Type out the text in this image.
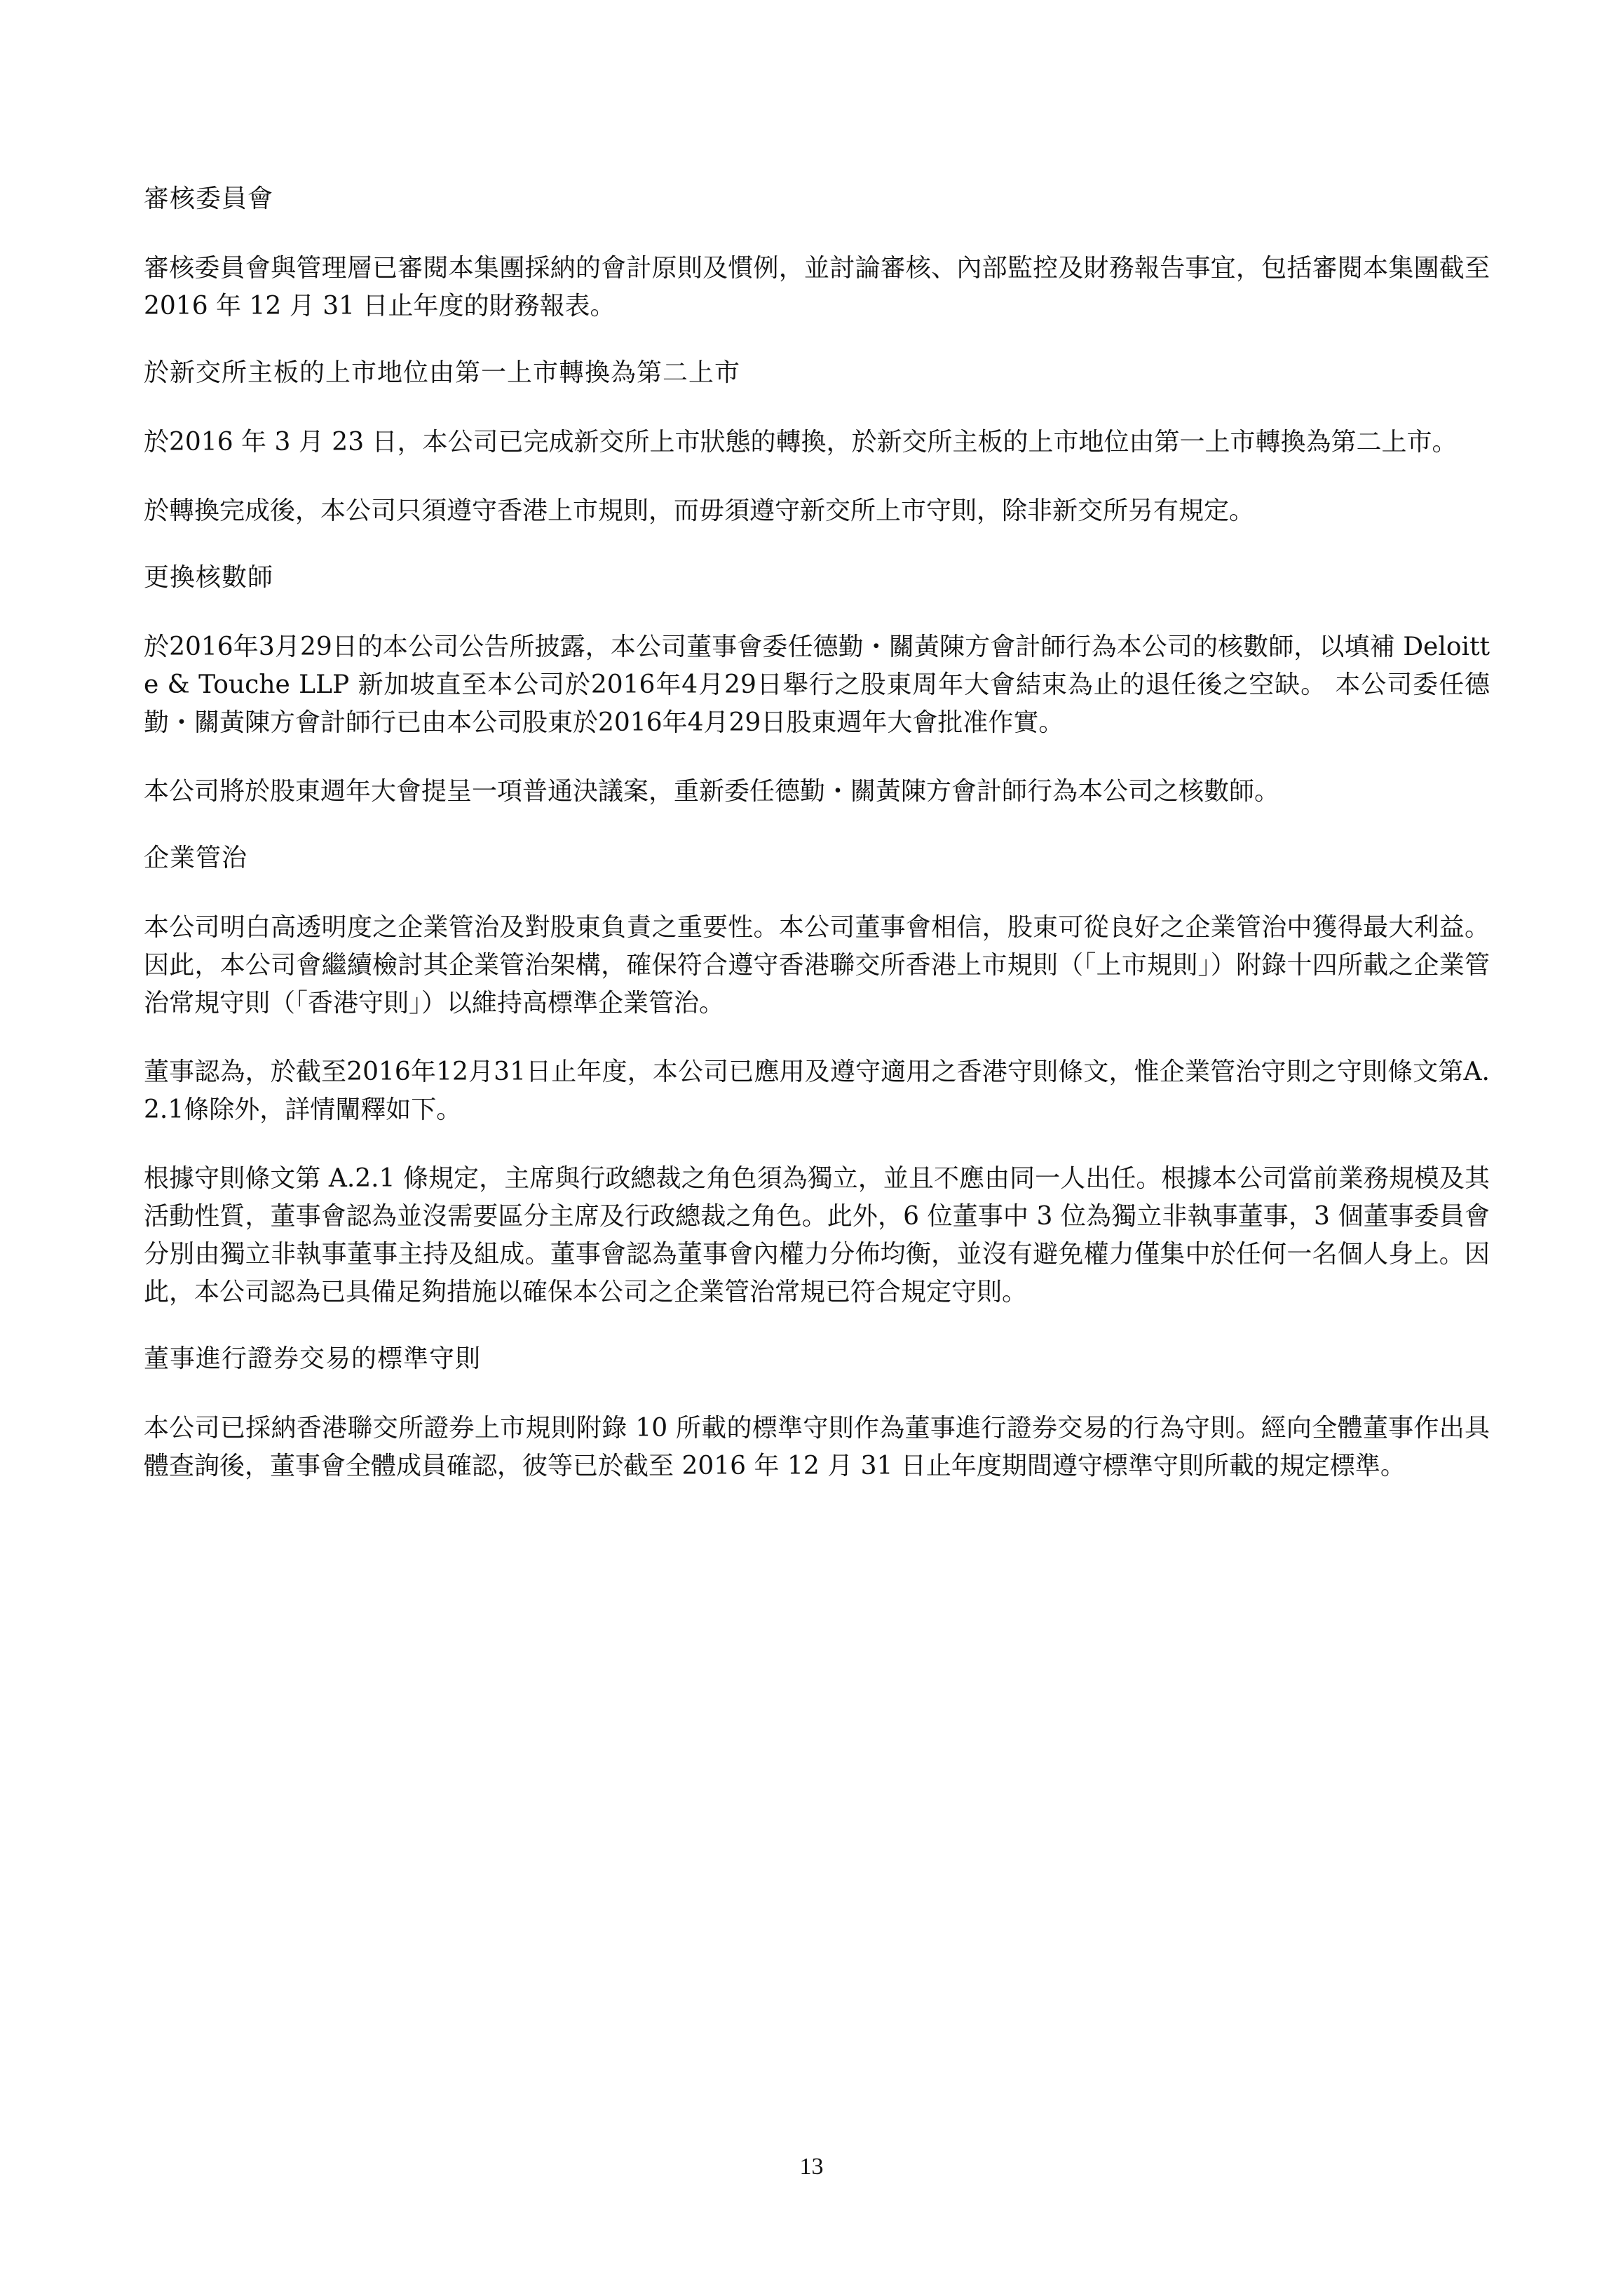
審核委員會

審核委員會與管理層已審閱本集團採納的會計原則及慣例，並討論審核、內部監控及財務報告事宜，包括審閱本集團截至 2016 年 12 月 31 日止年度的財務報表。

於新交所主板的上市地位由第一上市轉換為第二上市

於2016 年 3 月 23 日，本公司已完成新交所上市狀態的轉換，於新交所主板的上市地位由第一上市轉換為第二上市。

於轉換完成後，本公司只須遵守香港上市規則，而毋須遵守新交所上市守則，除非新交所另有規定。

更換核數師

於2016年3月29日的本公司公告所披露，本公司董事會委任德勤・關黃陳方會計師行為本公司的核數師，以填補 Deloitte & Touche LLP 新加坡直至本公司於2016年4月29日舉行之股東周年大會結束為止的退任後之空缺。 本公司委任德勤・關黃陳方會計師行已由本公司股東於2016年4月29日股東週年大會批准作實。

本公司將於股東週年大會提呈一項普通決議案，重新委任德勤・關黃陳方會計師行為本公司之核數師。

企業管治

本公司明白高透明度之企業管治及對股東負責之重要性。本公司董事會相信，股東可從良好之企業管治中獲得最大利益。因此，本公司會繼續檢討其企業管治架構，確保符合遵守香港聯交所香港上市規則（「上市規則」）附錄十四所載之企業管治常規守則（「香港守則」）以維持高標準企業管治。

董事認為，於截至2016年12月31日止年度，本公司已應用及遵守適用之香港守則條文，惟企業管治守則之守則條文第A.2.1條除外，詳情闡釋如下。

根據守則條文第 A.2.1 條規定，主席與行政總裁之角色須為獨立，並且不應由同一人出任。根據本公司當前業務規模及其活動性質，董事會認為並沒需要區分主席及行政總裁之角色。此外，6 位董事中 3 位為獨立非執事董事，3 個董事委員會分別由獨立非執事董事主持及組成。董事會認為董事會內權力分佈均衡，並沒有避免權力僅集中於任何一名個人身上。因此，本公司認為已具備足夠措施以確保本公司之企業管治常規已符合規定守則。

董事進行證券交易的標準守則

本公司已採納香港聯交所證券上市規則附錄 10 所載的標準守則作為董事進行證券交易的行為守則。經向全體董事作出具體查詢後，董事會全體成員確認，彼等已於截至 2016 年 12 月 31 日止年度期間遵守標準守則所載的規定標準。

13
